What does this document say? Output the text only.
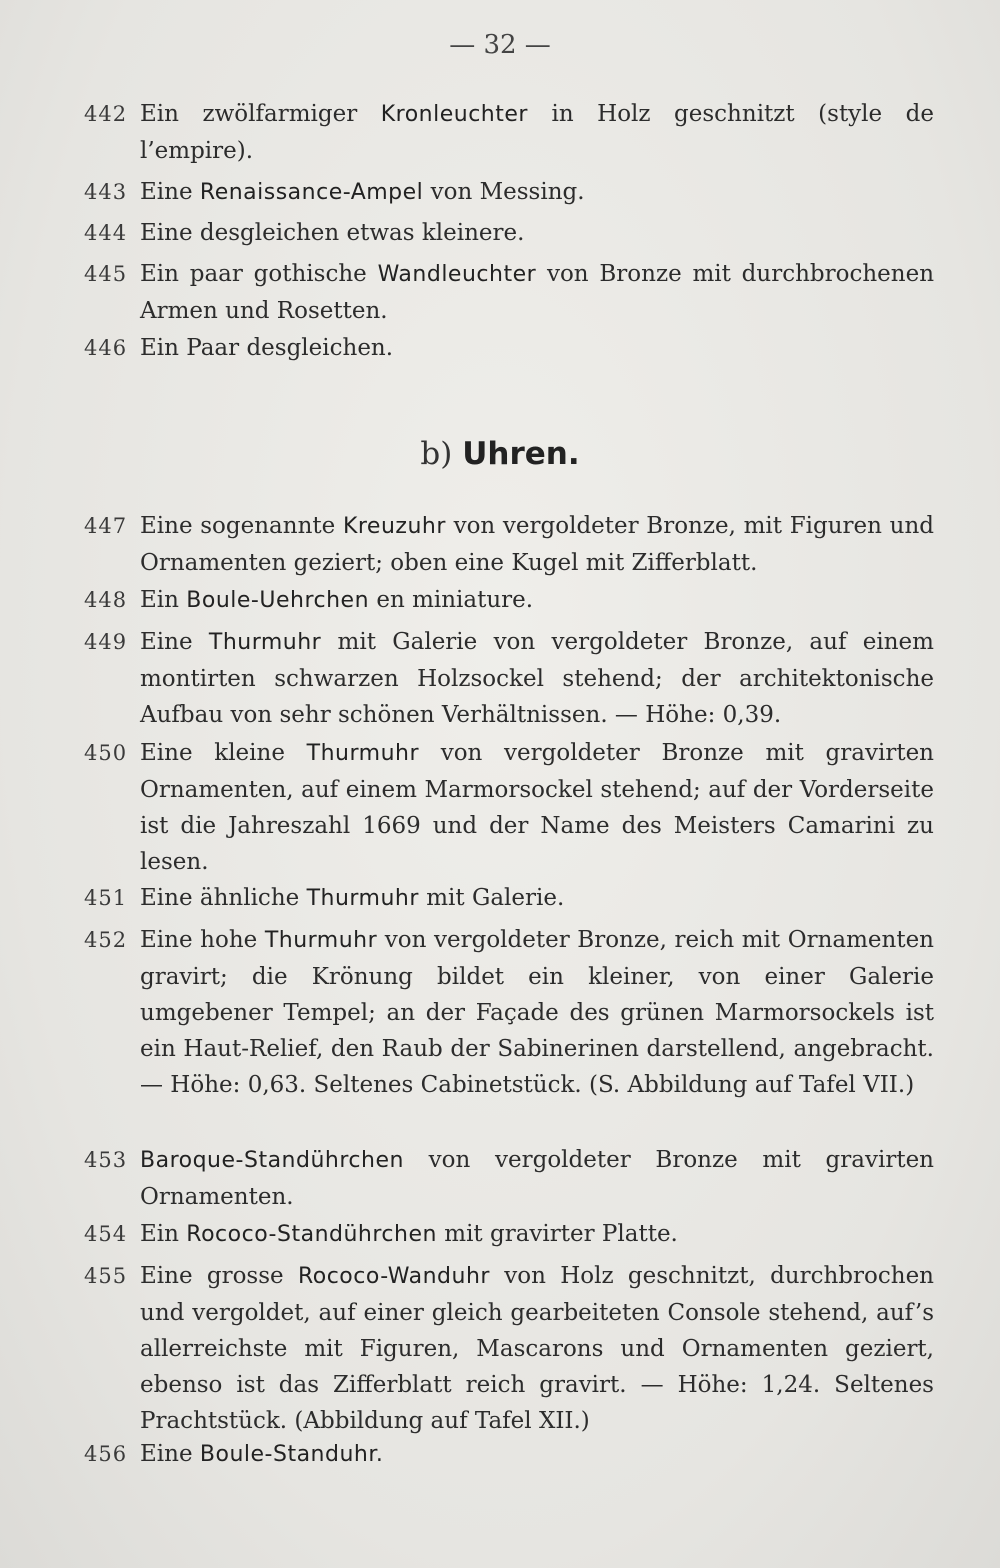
— 32 —
442 Ein zwölfarmiger Kronleuchter in Holz geschnitzt (style de l’empire).
443 Eine Renaissance-Ampel von Messing.
444 Eine desgleichen etwas kleinere.
445 Ein paar gothische Wandleuchter von Bronze mit durchbrochenen Armen und Rosetten.
446 Ein Paar desgleichen.
b) Uhren.
447 Eine sogenannte Kreuzuhr von vergoldeter Bronze, mit Figuren und Ornamenten geziert; oben eine Kugel mit Zifferblatt.
448 Ein Boule-Uehrchen en miniature.
449 Eine Thurmuhr mit Galerie von vergoldeter Bronze, auf einem montirten schwarzen Holzsockel stehend; der architektonische Aufbau von sehr schönen Verhältnissen. — Höhe: 0,39.
450 Eine kleine Thurmuhr von vergoldeter Bronze mit gravirten Ornamenten, auf einem Marmorsockel stehend; auf der Vorderseite ist die Jahreszahl 1669 und der Name des Meisters Camarini zu lesen.
451 Eine ähnliche Thurmuhr mit Galerie.
452 Eine hohe Thurmuhr von vergoldeter Bronze, reich mit Ornamenten gravirt; die Krönung bildet ein kleiner, von einer Galerie umgebener Tempel; an der Façade des grünen Marmorsockels ist ein Haut-Relief, den Raub der Sabinerinen darstellend, angebracht. — Höhe: 0,63. Seltenes Cabinetstück. (S. Abbildung auf Tafel VII.)
453 Baroque-Standührchen von vergoldeter Bronze mit gravirten Ornamenten.
454 Ein Rococo-Standührchen mit gravirter Platte.
455 Eine grosse Rococo-Wanduhr von Holz geschnitzt, durchbrochen und vergoldet, auf einer gleich gearbeiteten Console stehend, auf’s allerreichste mit Figuren, Mascarons und Ornamenten geziert, ebenso ist das Zifferblatt reich gravirt. — Höhe: 1,24. Seltenes Prachtstück. (Abbildung auf Tafel XII.)
456 Eine Boule-Standuhr.
